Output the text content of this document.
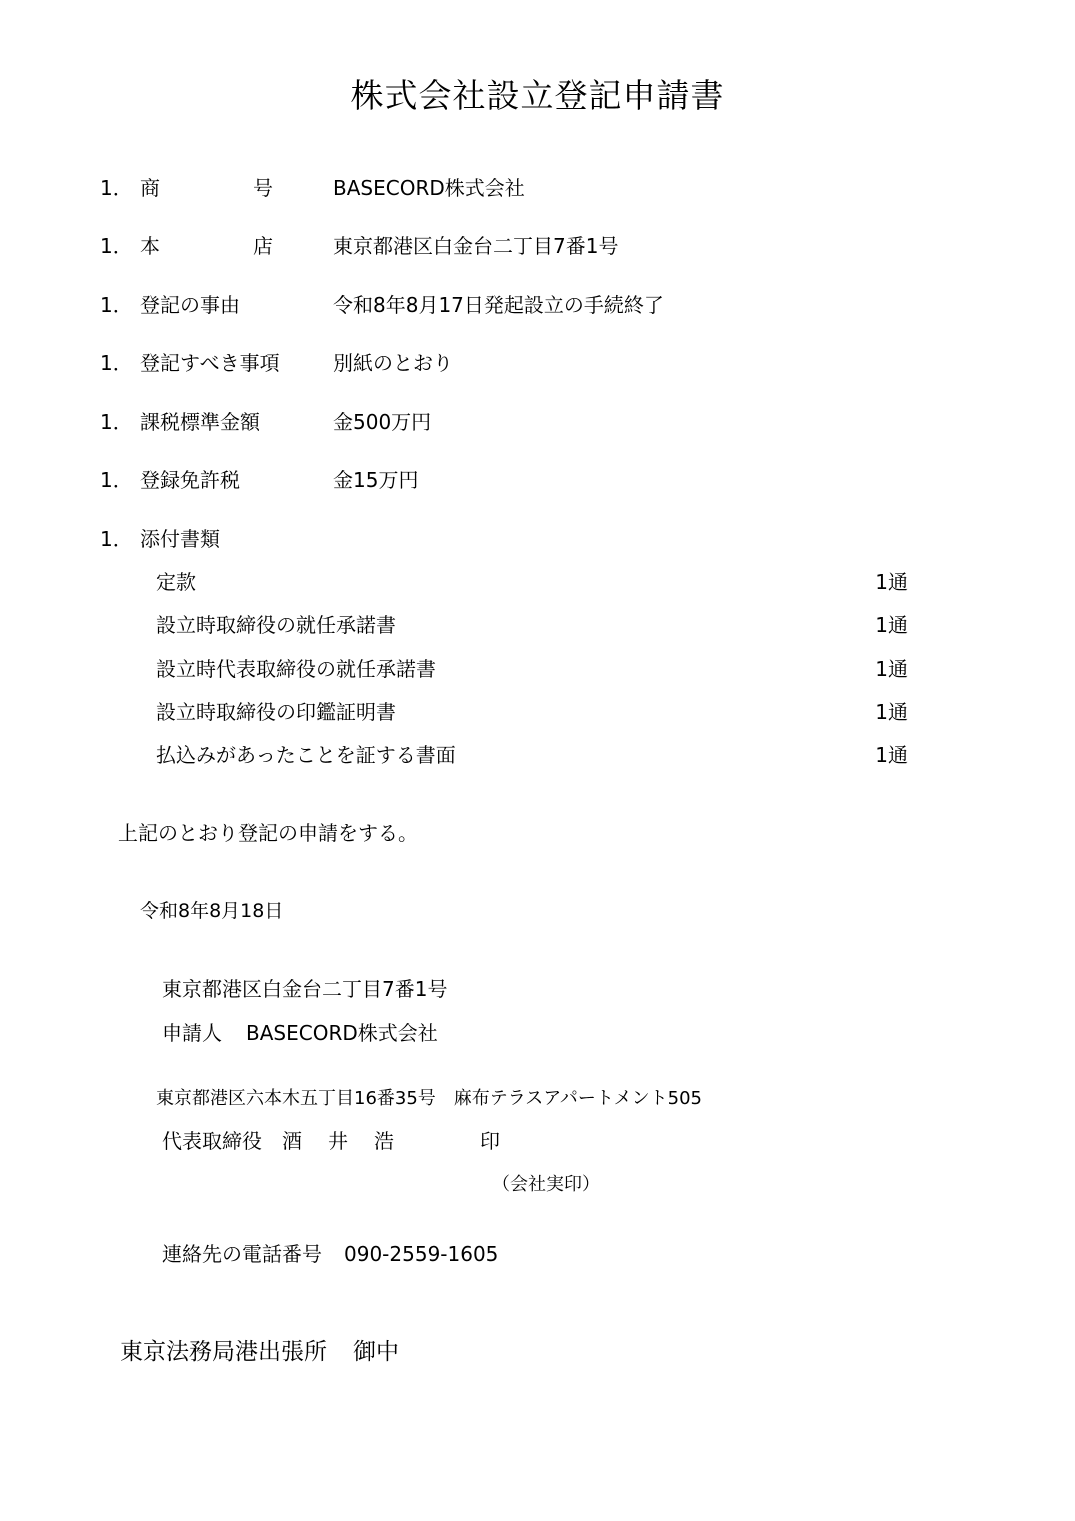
株式会社設立登記申請書
1． 商号	BASECORD株式会社
1． 本店	東京都港区白金台二丁目7番1号
1． 登記の事由	令和8年8月17日発起設立の手続終了
1． 登記すべき事項	別紙のとおり
1． 課税標準金額	金500万円
1． 登録免許税	金15万円
1． 添付書類
定款	1通
設立時取締役の就任承諾書	1通
設立時代表取締役の就任承諾書	1通
設立時取締役の印鑑証明書	1通
払込みがあったことを証する書面	1通
上記のとおり登記の申請をする。
令和8年8月18日
東京都港区白金台二丁目7番1号
申請人 BASECORD株式会社
東京都港区六本木五丁目16番35号　麻布テラスアパートメント505
代表取締役 酒井浩	印
（会社実印）
連絡先の電話番号 090-2559-1605
東京法務局港出張所 御中
